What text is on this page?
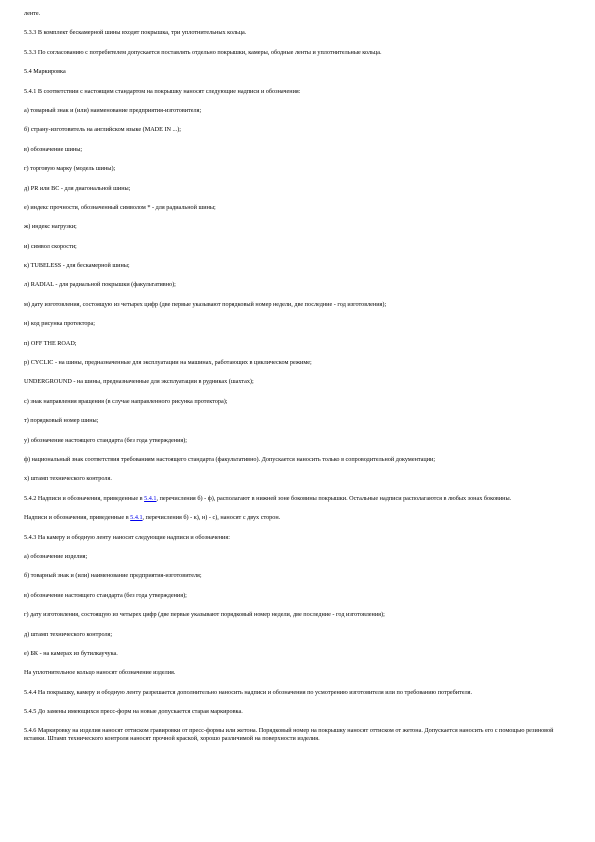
ленте.

5.3.3 В комплект бескамерной шины входят покрышка, три уплотнительных кольца.

5.3.3 По согласованию с потребителем допускается поставлять отдельно покрышки, камеры, ободные ленты и уплотнительные кольца.

5.4 Маркировка

5.4.1 В соответствии с настоящим стандартом на покрышку наносят следующие надписи и обозначения:

а) товарный знак и (или) наименование предприятия-изготовителя;

б) страну-изготовитель на английском языке (MADE IN ...);

в) обозначение шины;

г) торговую марку (модель шины);

д) PR или ВС - для диагональной шины;

е) индекс прочности, обозначенный символом * - для радиальной шины;

ж) индекс нагрузки;

и) символ скорости;

к) TUBELESS - для бескамерной шины;

л) RADIAL - для радиальной покрышки (факультативно);

м) дату изготовления, состоящую из четырех цифр (две первые указывают порядковый номер недели, две последние - год изготовления);

н) код рисунка протектора;

п) OFF THE ROAD;

р) CYCLIC - на шины, предназначенные для эксплуатации на машинах, работающих в циклическом режиме;

UNDERGROUND - на шины, предназначенные для эксплуатации в рудниках (шахтах);

с) знак направления вращения (в случае направленного рисунка протектора);

т) порядковый номер шины;

у) обозначение настоящего стандарта (без года утверждения);

ф) национальный знак соответствия требованиям настоящего стандарта (факультативно). Допускается наносить только в сопроводительной документации;

х) штамп технического контроля.

5.4.2 Надписи и обозначения, приведенные в 5.4.1, перечисления б) - ф), располагают в нижней зоне боковины покрышки. Остальные надписи располагаются в любых зонах боковины.

Надписи и обозначения, приведенные в 5.4.1, перечисления б) - к), н) - с), наносят с двух сторон.

5.4.3 На камеру и ободную ленту наносят следующие надписи и обозначения:

а) обозначение изделия;

б) товарный знак и (или) наименование предприятия-изготовителя;

в) обозначение настоящего стандарта (без года утверждения);

г) дату изготовления, состоящую из четырех цифр (две первые указывают порядковый номер недели, две последние - год изготовления);

д) штамп технического контроля;

е) БК - на камерах из бутилкаучука.

На уплотнительное кольцо наносят обозначение изделия.

5.4.4 На покрышку, камеру и ободную ленту разрешается дополнительно наносить надписи и обозначения по усмотрению изготовителя или по требованию потребителя.

5.4.5 До замены имеющихся пресс-форм на новые допускается старая маркировка.

5.4.6 Маркировку на изделия наносят оттиском гравировки от пресс-формы или жетона. Порядковый номер на покрышку наносят оттиском от жетона. Допускается наносить его с помощью резиновой вставки. Штамп технического контроля наносят прочной краской, хорошо различимой на поверхности изделия.
